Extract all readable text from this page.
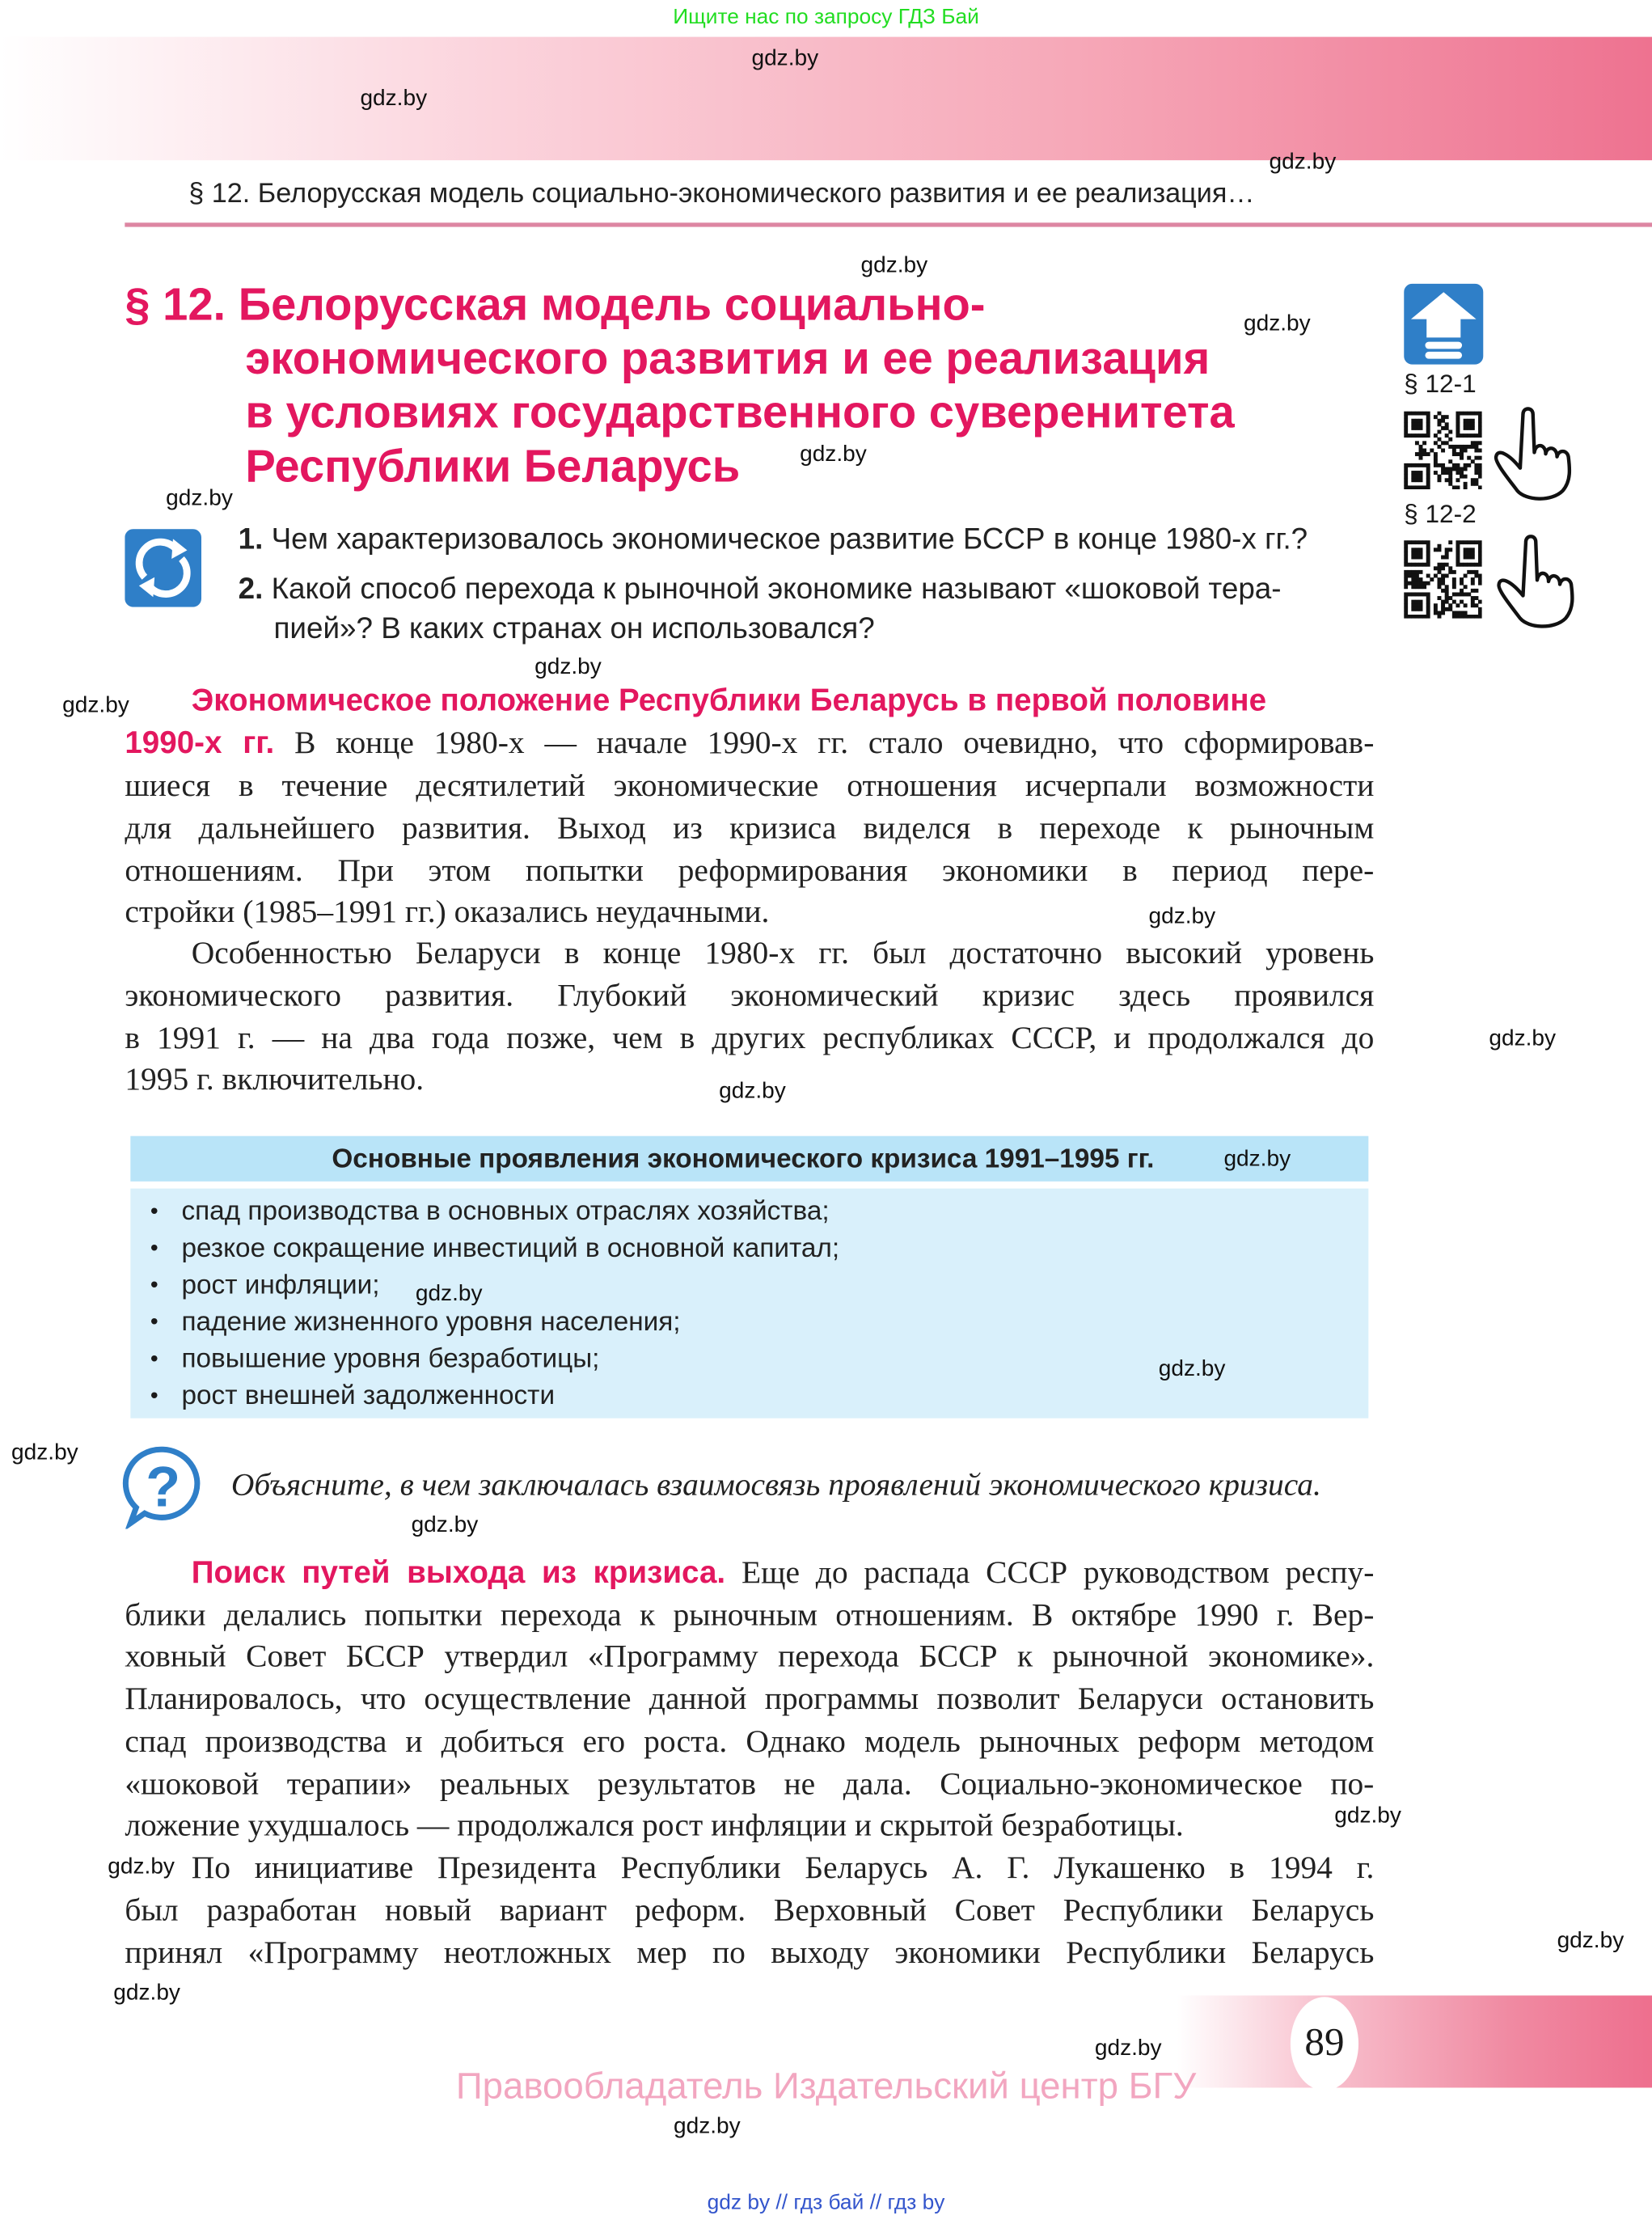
Ищите нас по запросу ГДЗ Бай
§ 12. Белорусская модель социально-экономического развития и ее реализация…
§ 12. Белорусская модель социально-
экономического развития и ее реализация
в условиях государственного суверенитета
Республики Беларусь
§ 12-1
§ 12-2
1. Чем характеризовалось экономическое развитие БССР в конце 1980-х гг.?
2. Какой способ перехода к рыночной экономике называют «шоковой тера-
пией»? В каких странах он использовался?
Экономическое положение Республики Беларусь в первой половине
1990-х гг. В конце 1980-х — начале 1990-х гг. стало очевидно, что сформировав-
шиеся в течение десятилетий экономические отношения исчерпали возможности
для дальнейшего развития. Выход из кризиса виделся в переходе к рыночным
отношениям. При этом попытки реформирования экономики в период пере-
стройки (1985–1991 гг.) оказались неудачными.
Особенностью Беларуси в конце 1980-х гг. был достаточно высокий уровень
экономического развития. Глубокий экономический кризис здесь проявился
в 1991 г. — на два года позже, чем в других республиках СССР, и продолжался до
1995 г. включительно.
Основные проявления экономического кризиса 1991–1995 гг.
• спад производства в основных отраслях хозяйства;
• резкое сокращение инвестиций в основной капитал;
• рост инфляции;
• падение жизненного уровня населения;
• повышение уровня безработицы;
• рост внешней задолженности
?	Объясните, в чем заключалась взаимосвязь проявлений экономического кризиса.
Поиск путей выхода из кризиса. Еще до распада СССР руководством респу-
блики делались попытки перехода к рыночным отношениям. В октябре 1990 г. Вер-
ховный Совет БССР утвердил «Программу перехода БССР к рыночной экономике».
Планировалось, что осуществление данной программы позволит Беларуси остановить
спад производства и добиться его роста. Однако модель рыночных реформ методом
«шоковой терапии» реальных результатов не дала. Социально-экономическое по-
ложение ухудшалось — продолжался рост инфляции и скрытой безработицы.
По инициативе Президента Республики Беларусь А. Г. Лукашенко в 1994 г.
был разработан новый вариант реформ. Верховный Совет Республики Беларусь
принял «Программу неотложных мер по выходу экономики Республики Беларусь
89
Правообладатель Издательский центр БГУ
gdz by // гдз бай // гдз by
gdz.by
gdz.by
gdz.by
gdz.by
gdz.by
gdz.by
gdz.by
gdz.by
gdz.by
gdz.by
gdz.by
gdz.by
gdz.by
gdz.by
gdz.by
gdz.by
gdz.by
gdz.by
gdz.by
gdz.by
gdz.by
gdz.by
gdz.by
